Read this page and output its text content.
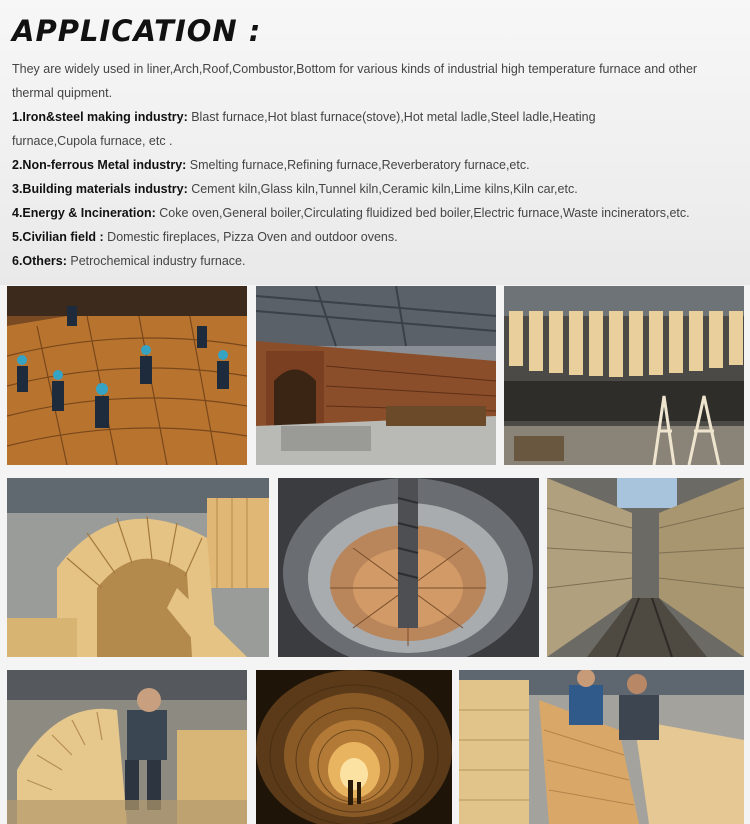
APPLICATION :

They are widely used in liner,Arch,Roof,Combustor,Bottom for various kinds of industrial high temperature furnace and other thermal quipment.

1.Iron&steel making industry: Blast furnace,Hot blast furnace(stove),Hot metal ladle,Steel ladle,Heating furnace,Cupola furnace, etc .

2.Non-ferrous Metal industry: Smelting furnace,Refining furnace,Reverberatory furnace,etc.

3.Building materials industry: Cement kiln,Glass kiln,Tunnel kiln,Ceramic kiln,Lime kilns,Kiln car,etc.

4.Energy & Incineration: Coke oven,General boiler,Circulating fluidized bed boiler,Electric furnace,Waste incinerators,etc.

5.Civilian field : Domestic fireplaces, Pizza Oven and outdoor ovens.

6.Others: Petrochemical industry furnace.
